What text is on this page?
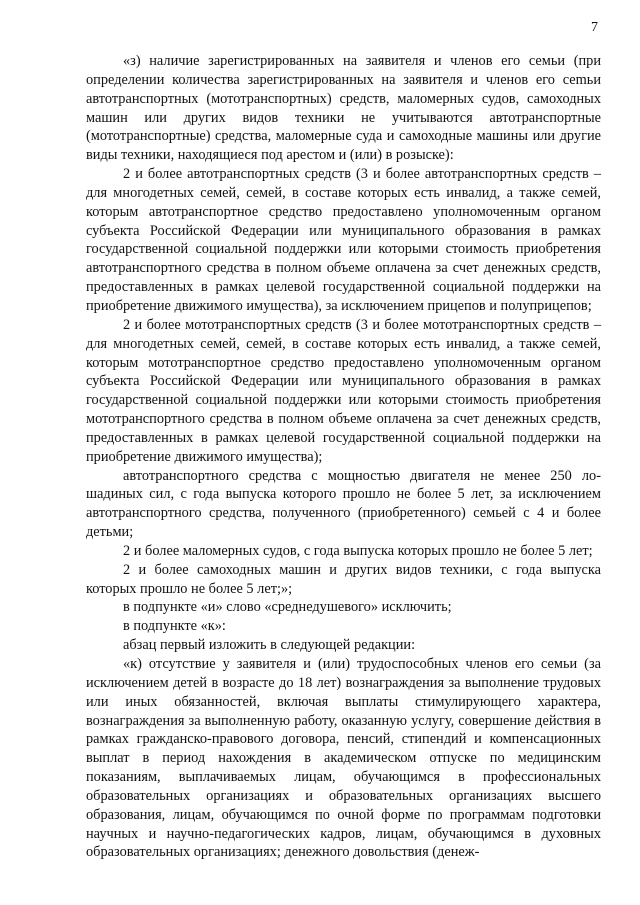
7

«з) наличие зарегистрированных на заявителя и членов его семьи (при определении количества зарегистрированных на заявителя и членов его сеmьи автотранспортных (мототранспортных) средств, маломерных судов, самоходных машин или других видов техники не учитываются автотранспортные (мототранспортные) средства, маломерные суда и самоходные машины или другие виды техники, находящиеся под арестом и (или) в розыске):

2 и более автотранспортных средств (3 и более автотранспортных средств – для многодетных семей, семей, в составе которых есть инвалид, а также семей, которым автотранспортное средство предоставлено уполномоченным органом субъекта Российской Федерации или муниципального образования в рамках государственной социальной поддержки или которыми стоимость приобретения автотранспортного средства в полном объеме оплачена за счет денежных средств, предоставленных в рамках целевой государственной социальной поддержки на приобретение движимого имущества), за исключением прицепов и полуприцепов;

2 и более мототранспортных средств (3 и более мототранспортных средств – для многодетных семей, семей, в составе которых есть инвалид, а также семей, которым мототранспортное средство предоставлено уполномоченным органом субъекта Российской Федерации или муниципального образования в рамках государственной социальной поддержки или которыми стоимость приобретения мототранспортного средства в полном объеме оплачена за счет денежных средств, предоставленных в рамках целевой государственной социальной поддержки на приобретение движимого имущества);

автотранспортного средства с мощностью двигателя не менее 250 лошадиных сил, с года выпуска которого прошло не более 5 лет, за исключением автотранспортного средства, полученного (приобретенного) семьей с 4 и более детьми;

2 и более маломерных судов, с года выпуска которых прошло не более 5 лет;

2 и более самоходных машин и других видов техники, с года выпуска которых прошло не более 5 лет;»;

в подпункте «и» слово «среднедушевого» исключить;

в подпункте «к»:

абзац первый изложить в следующей редакции:

«к) отсутствие у заявителя и (или) трудоспособных членов его семьи (за исключением детей в возрасте до 18 лет) вознаграждения за выполнение трудовых или иных обязанностей, включая выплаты стимулирующего характера, вознаграждения за выполненную работу, оказанную услугу, совершение действия в рамках гражданско-правового договора, пенсий, стипендий и компенсационных выплат в период нахождения в академическом отпуске по медицинским показаниям, выплачиваемых лицам, обучающимся в профессиональных образовательных организациях и образовательных организациях высшего образования, лицам, обучающимся по очной форме по программам подготовки научных и научно-педагогических кадров, лицам, обучающимся в духовных образовательных организациях; денежного довольствия (денеж-
